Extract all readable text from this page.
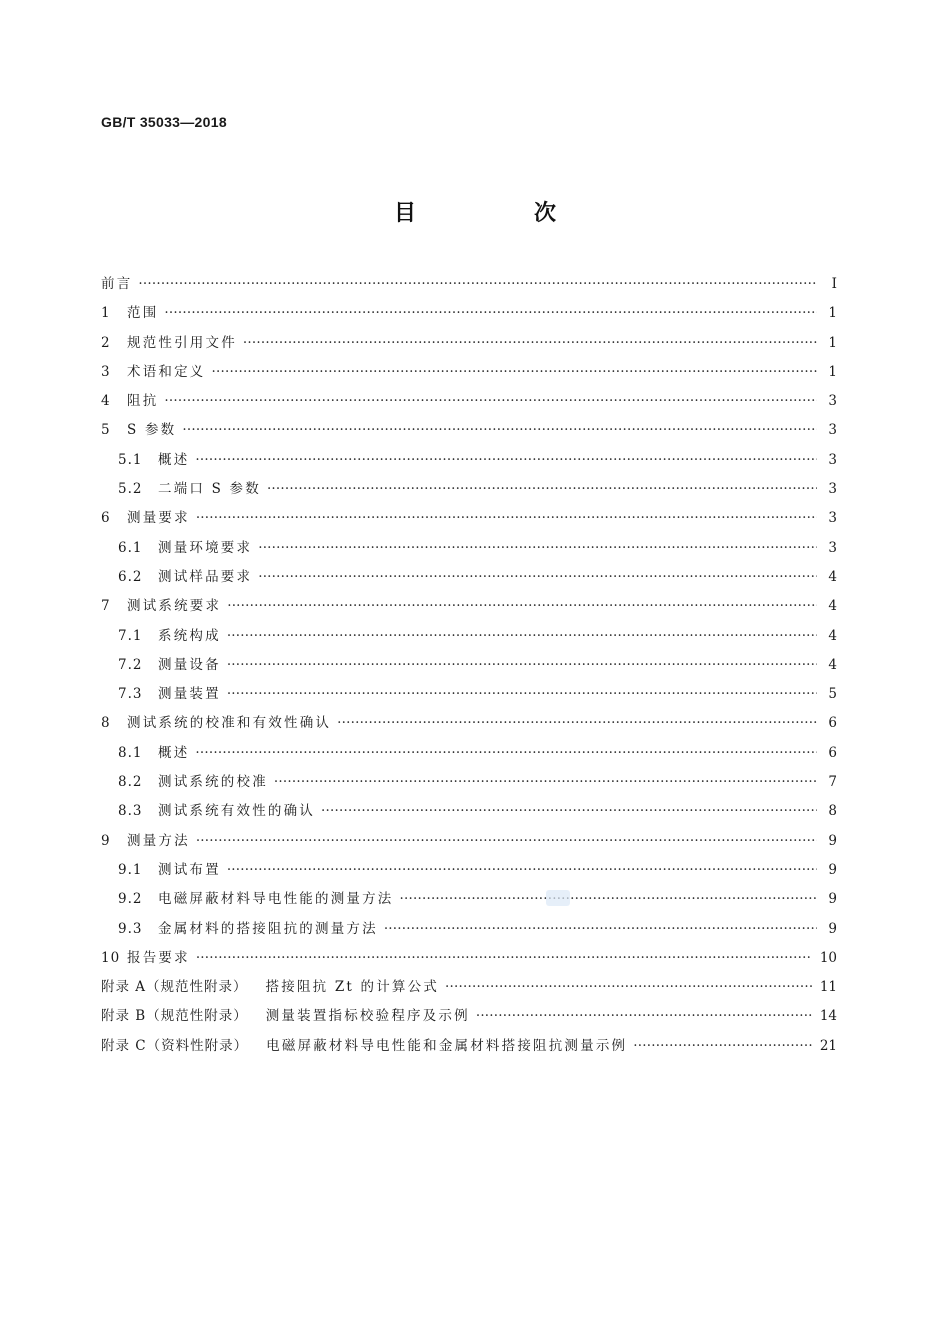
GB/T 35033—2018
目　次
前言 ·····	Ⅰ
1	范围 ·····	1
2	规范性引用文件 ·····	1
3	术语和定义 ·····	1
4	阻抗 ·····	3
5	S 参数 ·····	3
5.1	概述 ·····	3
5.2	二端口 S 参数 ·····	3
6	测量要求 ·····	3
6.1	测量环境要求 ·····	3
6.2	测试样品要求 ·····	4
7	测试系统要求 ·····	4
7.1	系统构成 ·····	4
7.2	测量设备 ·····	4
7.3	测量装置 ·····	5
8	测试系统的校准和有效性确认 ·····	6
8.1	概述 ·····	6
8.2	测试系统的校准 ·····	7
8.3	测试系统有效性的确认 ·····	8
9	测量方法 ·····	9
9.1	测试布置 ·····	9
9.2	电磁屏蔽材料导电性能的测量方法 ·····	9
9.3	金属材料的搭接阻抗的测量方法 ·····	9
10 报告要求 ·····	10
附录 A（规范性附录）	搭接阻抗 Zt 的计算公式 ·····	11
附录 B（规范性附录）	测量装置指标校验程序及示例 ·····	14
附录 C（资料性附录）	电磁屏蔽材料导电性能和金属材料搭接阻抗测量示例 ·····	21
